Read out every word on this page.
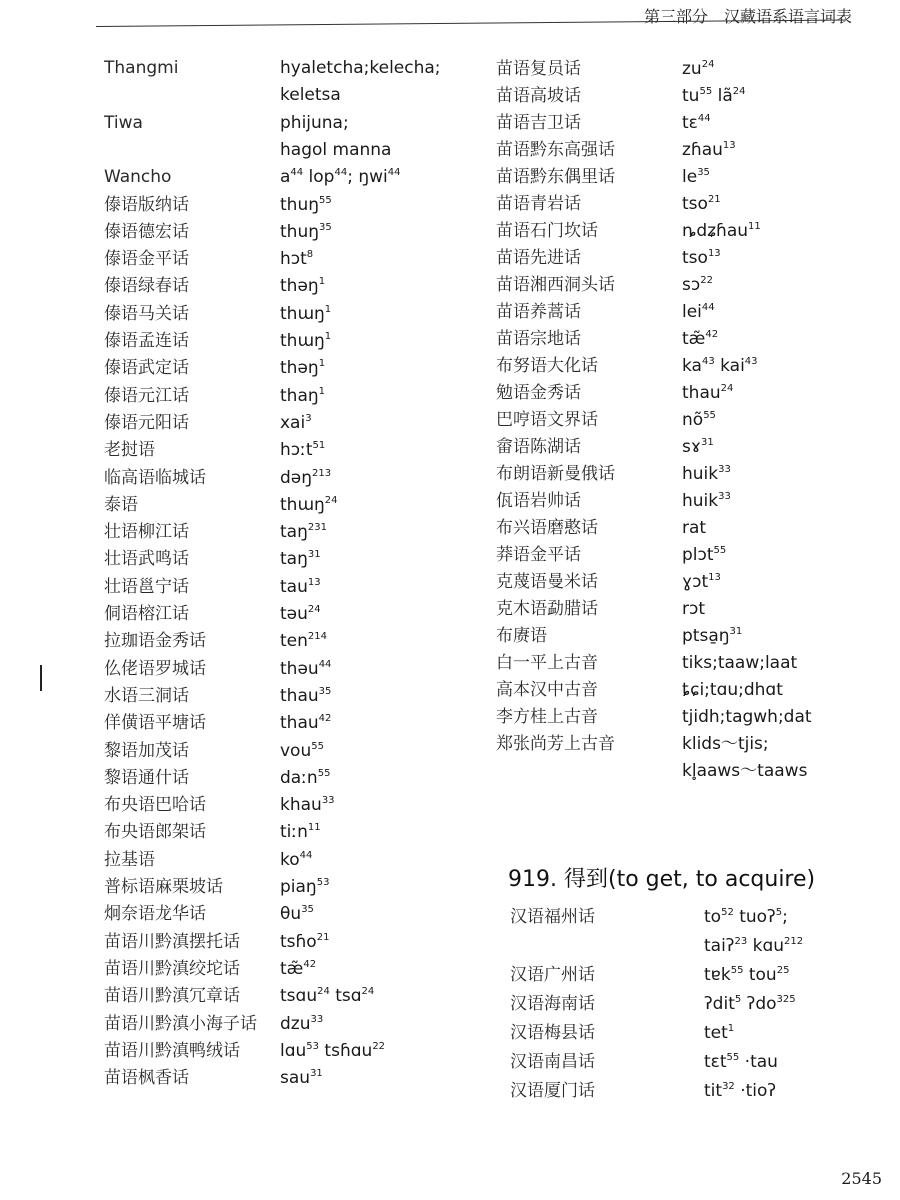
第三部分　汉藏语系语言词表
Thangmi	hyaletcha;kelecha;
keletsa
Tiwa	phijuna;
hagol manna
Wancho	$a^{44}$ lop$^{44}$; ŋwi$^{44}$
傣语版纳话	thuŋ$^{55}$
傣语德宏话	thuŋ$^{35}$
傣语金平话	hɔt$^8$
傣语绿春话	thəŋ$^1$
傣语马关话	thɯŋ$^1$
傣语孟连话	thɯŋ$^1$
傣语武定话	thəŋ$^1$
傣语元江话	thaŋ$^1$
傣语元阳话	xai$^3$
老挝语	hɔːt$^{51}$
临高语临城话	dəŋ$^{213}$
泰语	thɯŋ$^{24}$
壮语柳江话	taŋ$^{231}$
壮语武鸣话	taŋ$^{31}$
壮语邕宁话	tau$^{13}$
侗语榕江话	təu$^{24}$
拉珈语金秀话	ten$^{214}$
仫佬语罗城话	thəu$^{44}$
水语三洞话	thau$^{35}$
佯僙语平塘话	thau$^{42}$
黎语加茂话	vou$^{55}$
黎语通什话	daːn$^{55}$
布央语巴哈话	khau$^{33}$
布央语郎架话	tiːn$^{11}$
拉基语	$ko^{44}$
普标语麻栗坡话	piaŋ$^{53}$
炯奈语龙华话	$\theta u^{35}$
苗语川黔滇摆托话 tsɦo$^{21}$
苗语川黔滇绞坨话 tæ̃$^{42}$
苗语川黔滇冗章话 tsɑu$^{24}$ tsɑ$^{24}$
苗语川黔滇小海子话 dzu$^{33}$
苗语川黔滇鸭绒话 lɑu$^{53}$ tsɦɑu$^{22}$
苗语枫香话	sau$^{31}$
苗语复员话	$zu^{24}$
苗语高坡话	$tu^{55}$ $lã^{24}$
苗语吉卫话	tɛ$^{44}$
苗语黔东高强话	zɦau$^{13}$
苗语黔东偶里话	$le^{35}$
苗语青岩话	tso$^{21}$
苗语石门坎话	ȵdʑɦau$^{11}$
苗语先进话	tso$^{13}$
苗语湘西洞头话	sɔ$^{22}$
苗语养蒿话	lei$^{44}$
苗语宗地话	tæ̃$^{42}$
布努语大化话	$ka^{43}$ kai$^{43}$
勉语金秀话	thau$^{24}$
巴哼语文界话	$nõ^{55}$
畲语陈湖话	sɤ$^{31}$
布朗语新曼俄话	huik$^{33}$
佤语岩帅话	huik$^{33}$
布兴语磨憨话	rat
莽语金平话	plɔt$^{55}$
克蔑语曼米话	ɣɔt$^{13}$
克木语勐腊话	rɔt
布赓语	$ptsa̱ŋ^{31}$
白一平上古音	tiks;taaw;laat
高本汉中古音	ȶɕi;tɑu;dhɑt
李方桂上古音	tjidh;tagwh;dat
郑张尚芳上古音	klids～tjis;
kl̥aaws～taaws
汉语福州话	$to^{52}$ tuoʔ$^5$;
taiʔ$^{23}$ kɑu$^{212}$
汉语广州话	tɐk$^{55}$ tou$^{25}$
汉语海南话	ʔdit$^5$ ʔdo$^{325}$
汉语梅县话	tet$^1$
汉语南昌话	tɛt$^{55}$ ·tau
汉语厦门话	tit$^{32}$ ·tioʔ
919. 得到(to get, to acquire)
2545
